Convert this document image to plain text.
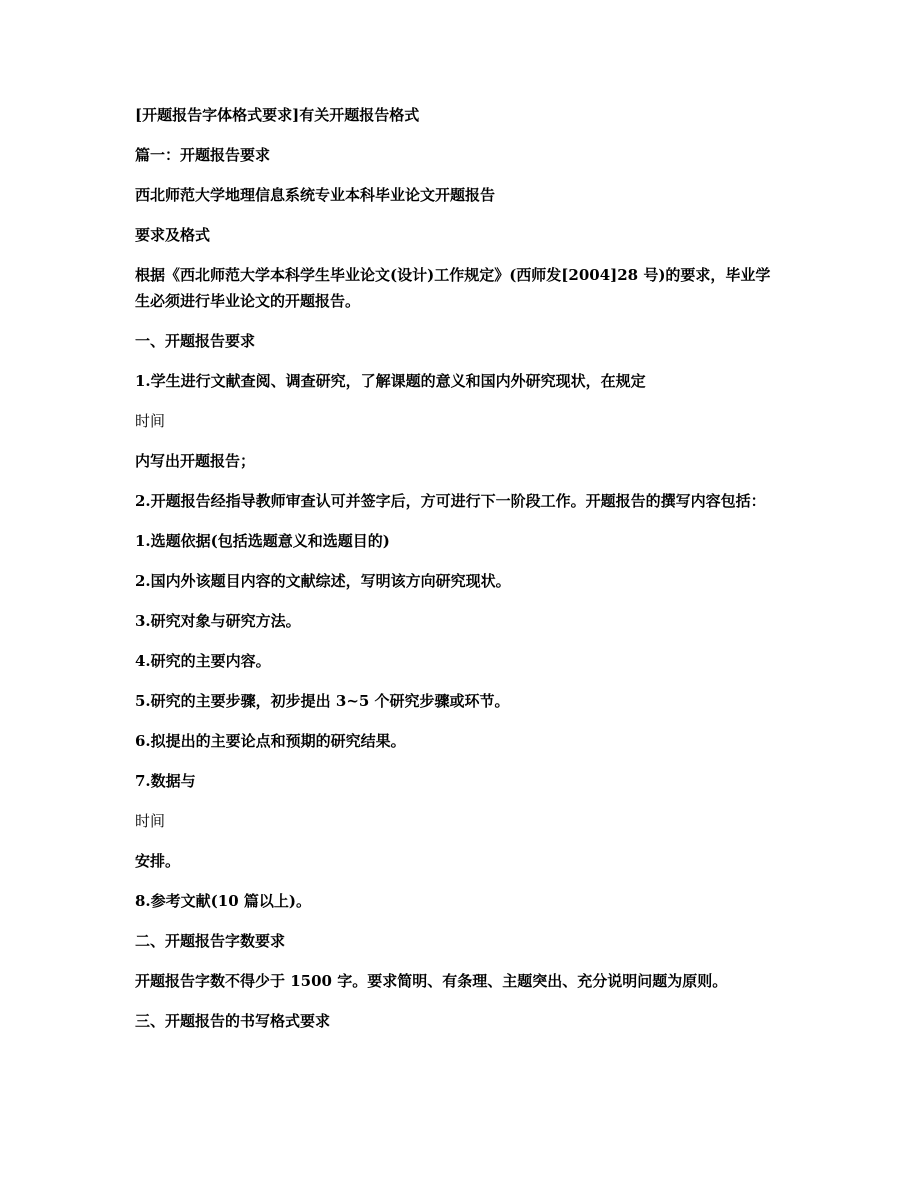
[开题报告字体格式要求]有关开题报告格式

篇一：开题报告要求

西北师范大学地理信息系统专业本科毕业论文开题报告

要求及格式

根据《西北师范大学本科学生毕业论文(设计)工作规定》(西师发[2004]28 号)的要求，毕业学生必须进行毕业论文的开题报告。

一、开题报告要求

1.学生进行文献查阅、调查研究，了解课题的意义和国内外研究现状，在规定

时间

内写出开题报告；

2.开题报告经指导教师审查认可并签字后，方可进行下一阶段工作。开题报告的撰写内容包括：

1.选题依据(包括选题意义和选题目的)

2.国内外该题目内容的文献综述，写明该方向研究现状。

3.研究对象与研究方法。

4.研究的主要内容。

5.研究的主要步骤，初步提出 3~5 个研究步骤或环节。

6.拟提出的主要论点和预期的研究结果。

7.数据与

时间

安排。

8.参考文献(10 篇以上)。

二、开题报告字数要求

开题报告字数不得少于 1500 字。要求简明、有条理、主题突出、充分说明问题为原则。

三、开题报告的书写格式要求
